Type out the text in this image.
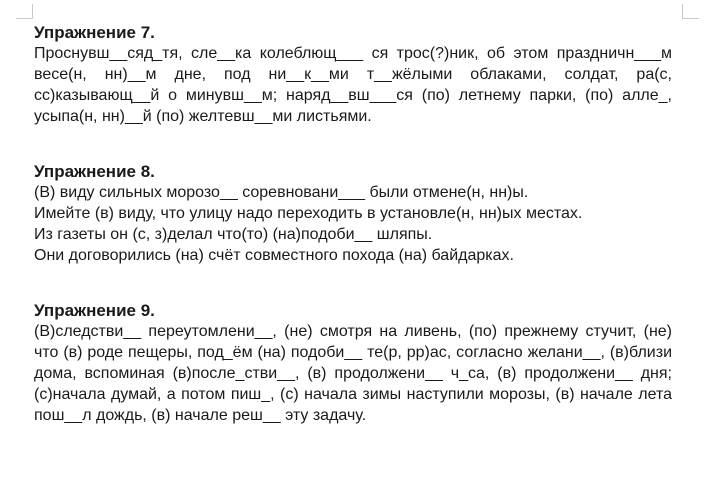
Упражнение 7.

Проснувш__сяд_тя, сле__ка колеблющ___ ся трос(?)ник, об этом праздничн___м весе(н, нн)__м дне, под ни__к__ми т__жёлыми облаками, солдат, ра(с, сс)казывающ__й о минувш__м; наряд__вш___ся (по) летнему парки, (по) алле_, усыпа(н, нн)__й (по) желтевш__ми листьями.

Упражнение 8.

(В) виду сильных морозо__ соревновани___ были отмене(н, нн)ы.
Имейте (в) виду, что улицу надо переходить в установле(н, нн)ых местах.
Из газеты он (с, з)делал что(то) (на)подоби__ шляпы.
Они договорились (на) счёт совместного похода (на) байдарках.

Упражнение 9.

(В)следстви__ переутомлени__, (не) смотря на ливень, (по) прежнему стучит, (не) что (в) роде пещеры, под_ём (на) подоби__ те(р, рр)ас, согласно желани__, (в)близи дома, вспоминая (в)после_стви__, (в) продолжени__ ч_са, (в) продолжени__ дня; (с)начала думай, а потом пиш_, (с) начала зимы наступили морозы, (в) начале лета пош__л дождь, (в) начале реш__ эту задачу.
